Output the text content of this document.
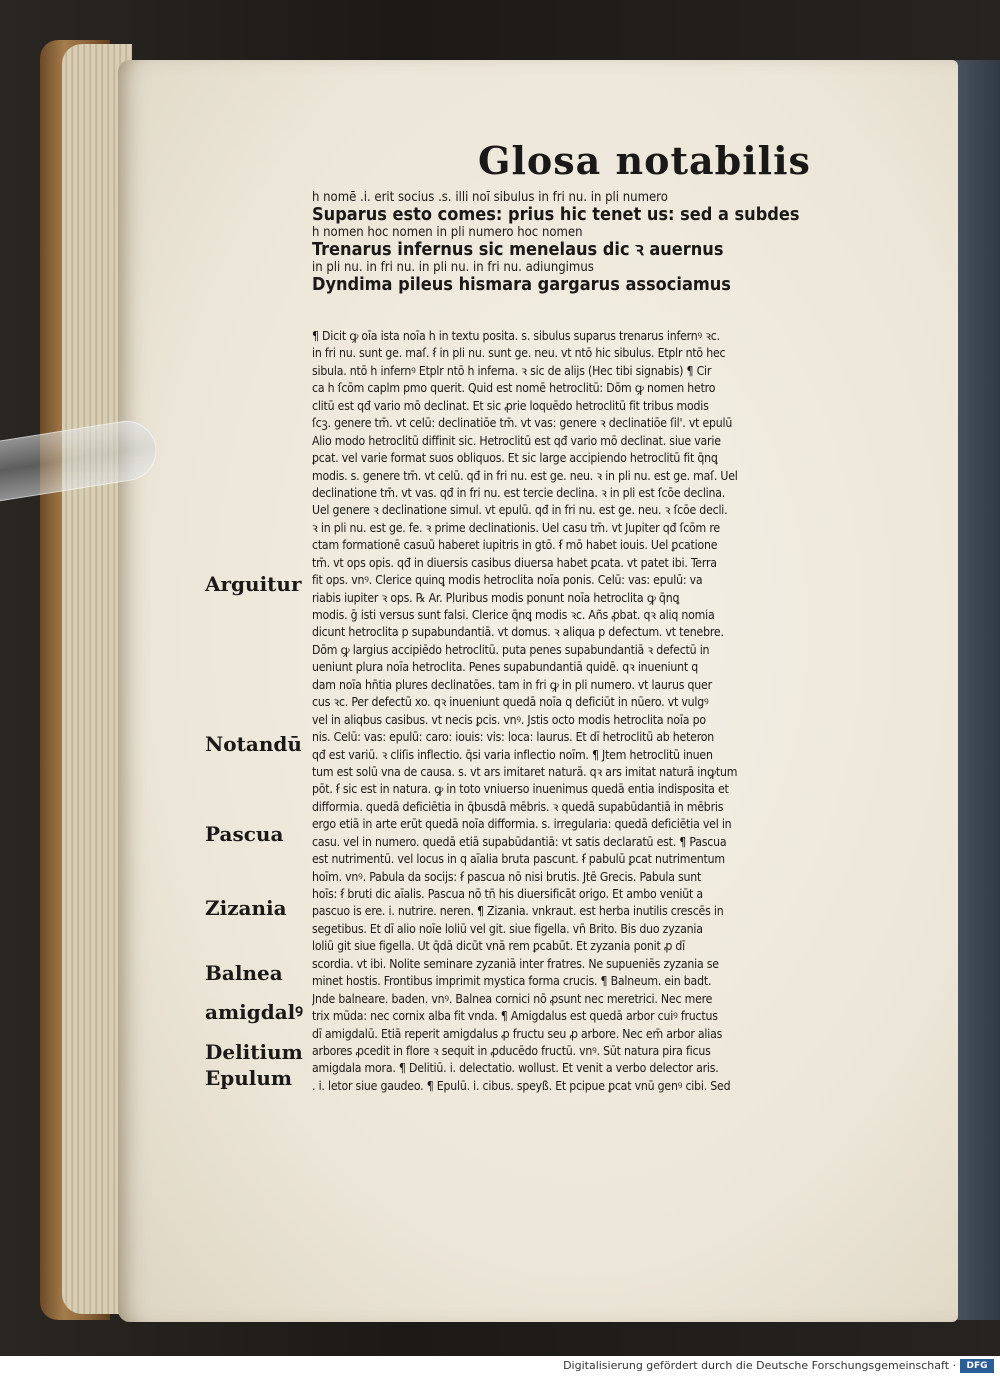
Glosa notabilis
h nomē .i. erit socius .s. illi noī sibulus in fri nu. in pli numero
Suparus esto comes: prius hic tenet us: sed a subdes
h nomen hoc nomen in pli numero hoc nomen
Trenarus infernus sic menelaus dic ꝛ auernus
in pli nu. in fri nu. in pli nu. in fri nu. adiungimus
Dyndima pileus hismara gargarus associamus
¶ Dicit ꝙ oīa ista noīa h in textu posita. s. sibulus suparus trenarus infernꝰ ꝛc.
in fri nu. sunt ge. maſ. ẜ in pli nu. sunt ge. neu. vt ntō hic sibulus. Etplr ntō hec
sibula. ntō h infernꝰ Etplr ntō h inferna. ꝛ sic de alijs (Hec tibi signabis) ¶ Cir
ca h ſcōm caplm pmo querit. Quid est nomē hetroclitū: Dōm ꝙ nomen hetro
clitū est qđ vario mō declinat. Et sic ꝓrie loquēdo hetroclitū fit tribus modis
ſcꝫ. genere tm̄. vt celū: declinatiōe tm̄. vt vas: genere ꝛ declinatiōe ſil'. vt epulū
Alio modo hetroclitū diffinit sic. Hetroclitū est qđ vario mō declinat. siue varie
ꝑcat. vel varie format suos obliquos. Et sic large accipiendo hetroclitū fit q̄nꝗ
modis. s. genere tm̄. vt celū. qđ in fri nu. est ge. neu. ꝛ in pli nu. est ge. maſ. Uel
declinatione tm̄. vt vas. qđ in fri nu. est tercie declina. ꝛ in pli est ſcōe declina.
Uel genere ꝛ declinatione simul. vt epulū. qđ in fri nu. est ge. neu. ꝛ ſcōe decli.
ꝛ in pli nu. est ge. fe. ꝛ prime declinationis. Uel casu tm̄. vt Jupiter qđ ſcōm re
ctam formationē casuū haberet iupitris in gtō. ẜ mō habet iouis. Uel ꝑcatione
tm̄. vt ops opis. qđ in diuersis casibus diuersa habet ꝑcata. vt patet ibi. Terra
fit ops. vnꝰ. Clerice quinꝗ modis hetroclita noīa ponis. Celū: vas: epulū: va
riabis iupiter ꝛ ops. ℞ Ar. Pluribus modis ponunt noīa hetroclita ꝙ q̄nꝗ
modis. ḡ isti versus sunt falsi. Clerice q̄nꝗ modis ꝛc. Añs ꝓbat. qꝛ aliq nomia
dicunt hetroclita p supabundantiā. vt domus. ꝛ aliqua p defectum. vt tenebre.
Dōm ꝙ largius accipiēdo hetroclitū. puta penes supabundantiā ꝛ defectū in
ueniunt plura noīa hetroclita. Penes supabundantiā quidē. qꝛ inueniunt q
dam noīa hn̄tia plures declinatōes. tam in fri ꝙ in pli numero. vt laurus quer
cus ꝛc. Per defectū xo. qꝛ inueniunt quedā noīa q deficiūt in nūero. vt vulgꝰ
vel in aliqbus casibus. vt necis ꝑcis. vnꝰ. Jstis octo modis hetroclita noīa po
nis. Celū: vas: epulū: caro: iouis: vis: loca: laurus. Et dī hetroclitū ab heteron
qđ est variū. ꝛ cliſis inflectio. q̄si varia inflectio noīm. ¶ Jtem hetroclitū inuen
tum est solū vna de causa. s. vt ars imitaret naturā. qꝛ ars imitat naturā inꝙtum
pōt. ẜ sic est in natura. ꝙ in toto vniuerso inuenimus quedā entia indisposita et
difformia. quedā deficiētia in q̄busdā mēbris. ꝛ quedā supabūdantiā in mēbris
ergo etiā in arte erūt quedā noīa difformia. s. irregularia: quedā deficiētia vel in
casu. vel in numero. quedā etiā supabūdantiā: vt satis declaratū est. ¶ Pascua
est nutrimentū. vel locus in q aīalia bruta pascunt. ẜ pabulū ꝑcat nutrimentum
hoīm. vnꝰ. Pabula da socijs: ẜ pascua nō nisi brutis. Jtē Grecis. Pabula sunt
hoīs: ẜ bruti dic aīalis. Pascua nō tn̄ his diuersificāt origo. Et ambo veniūt a
pascuo is ere. i. nutrire. neren. ¶ Zizania. vnkraut. est herba inutilis crescēs in
segetibus. Et dī alio noīe loliū vel git. siue figella. vn̄ Brito. Bis duo zyzania
loliū git siue figella. Ut q̄dā dicūt vnā rem ꝑcabūt. Et zyzania ponit ꝓ dī
scordia. vt ibi. Nolite seminare zyzaniā inter fratres. Ne supueniēs zyzania se
minet hostis. Frontibus imprimit mystica forma crucis. ¶ Balneum. ein badt.
Jnde balneare. baden. vnꝰ. Balnea cornici nō ꝓsunt nec meretrici. Nec mere
trix mūda: nec cornix alba fit vnda. ¶ Amigdalus est quedā arbor cuiꝰ fructus
dī amigdalū. Etiā reperit amigdalus ꝓ fructu seu ꝓ arbore. Nec em̄ arbor alias
arbores ꝓcedit in flore ꝛ sequit in ꝓducēdo fructū. vnꝰ. Sūt natura pira ficus
amigdala mora. ¶ Delitiū. i. delectatio. wollust. Et venit a verbo delector aris.
. i. letor siue gaudeo. ¶ Epulū. i. cibus. speyß. Et pcipue ꝑcat vnū genꝰ cibi. Sed
Arguitur
Notandū
Pascua
Zizania
Balnea
amigdalꝰ
Delitium
Epulum
Digitalisierung gefördert durch die Deutsche Forschungsgemeinschaft ·	DFG
